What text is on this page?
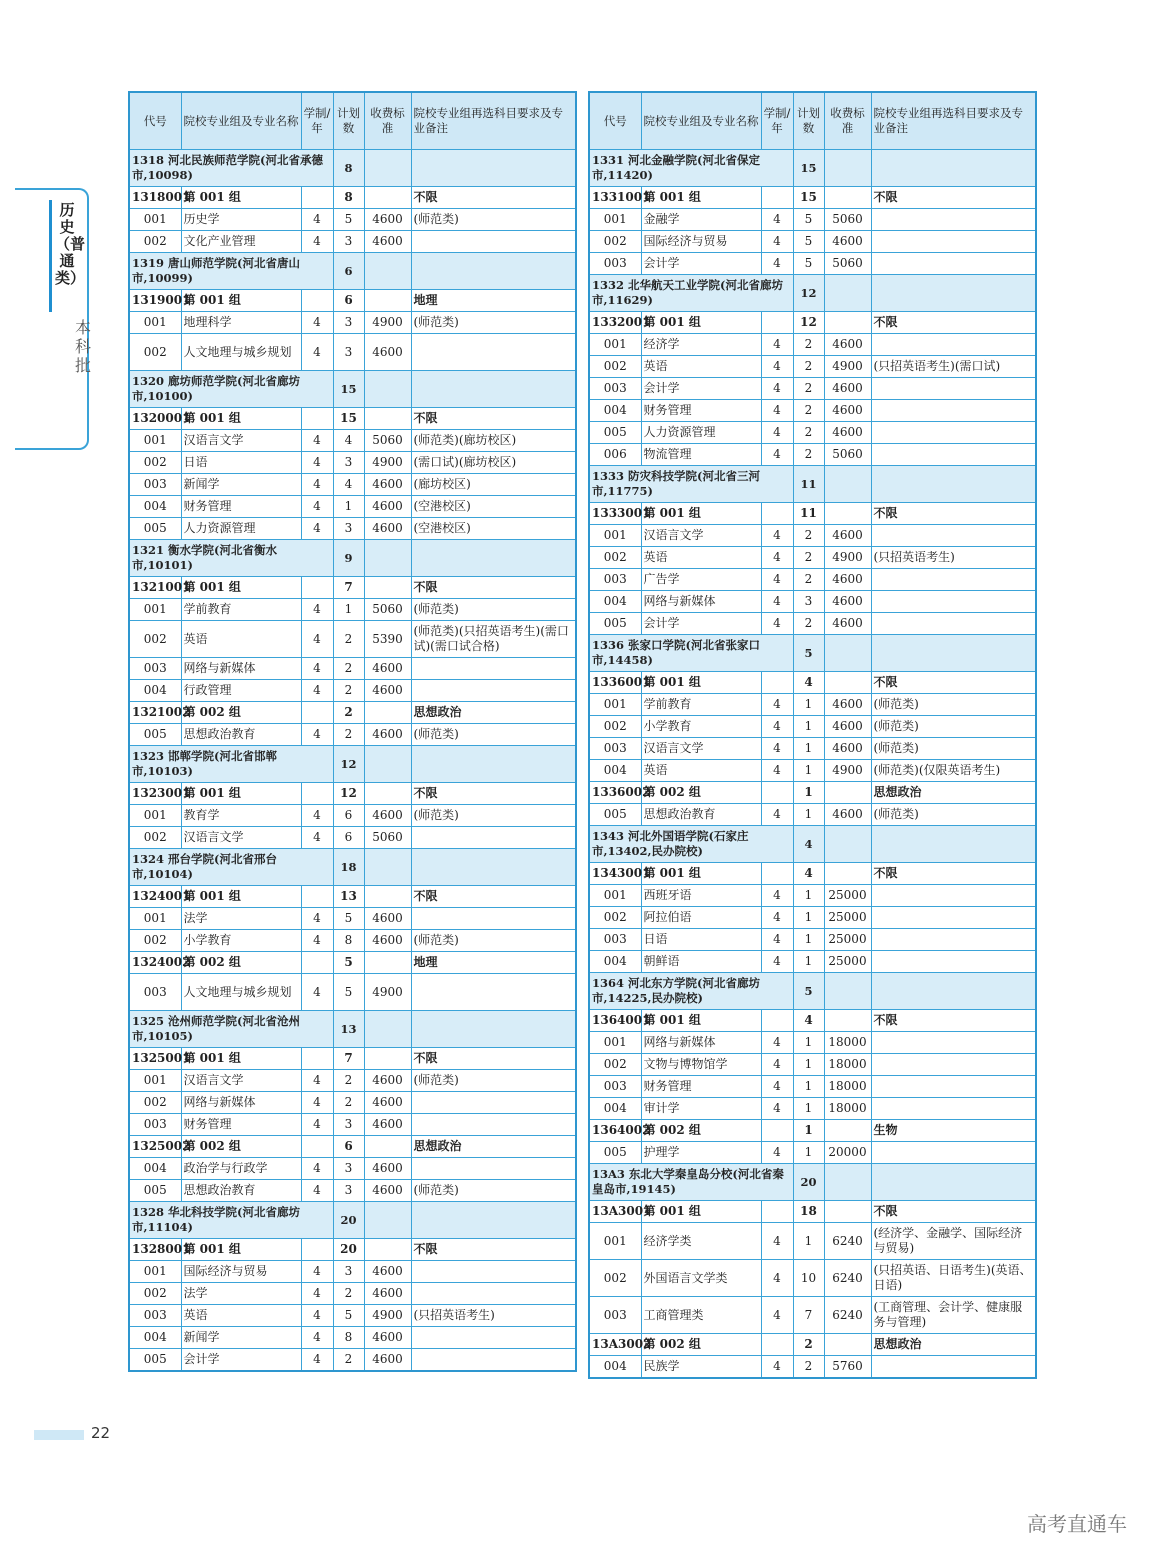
历史（普通类）
本科批
代号	院校专业组及专业名称	学制/年	计划数	收费标准	院校专业组再选科目要求及专业备注
1318 河北民族师范学院(河北省承德市,10098)			8		
1318001	第 001 组		8		不限
001	历史学	4	5	4600	(师范类)
002	文化产业管理	4	3	4600	
1319 唐山师范学院(河北省唐山市,10099)			6		
1319001	第 001 组		6		地理
001	地理科学	4	3	4900	(师范类)
002	人文地理与城乡规划	4	3	4600	
1320 廊坊师范学院(河北省廊坊市,10100)			15		
1320001	第 001 组		15		不限
001	汉语言文学	4	4	5060	(师范类)(廊坊校区)
002	日语	4	3	4900	(需口试)(廊坊校区)
003	新闻学	4	4	4600	(廊坊校区)
004	财务管理	4	1	4600	(空港校区)
005	人力资源管理	4	3	4600	(空港校区)
1321 衡水学院(河北省衡水市,10101)			9		
1321001	第 001 组		7		不限
001	学前教育	4	1	5060	(师范类)
002	英语	4	2	5390	(师范类)(只招英语考生)(需口试)(需口试合格)
003	网络与新媒体	4	2	4600	
004	行政管理	4	2	4600	
1321002	第 002 组		2		思想政治
005	思想政治教育	4	2	4600	(师范类)
1323 邯郸学院(河北省邯郸市,10103)			12		
1323001	第 001 组		12		不限
001	教育学	4	6	4600	(师范类)
002	汉语言文学	4	6	5060	
1324 邢台学院(河北省邢台市,10104)			18		
1324001	第 001 组		13		不限
001	法学	4	5	4600	
002	小学教育	4	8	4600	(师范类)
1324002	第 002 组		5		地理
003	人文地理与城乡规划	4	5	4900	
1325 沧州师范学院(河北省沧州市,10105)			13		
1325001	第 001 组		7		不限
001	汉语言文学	4	2	4600	(师范类)
002	网络与新媒体	4	2	4600	
003	财务管理	4	3	4600	
1325002	第 002 组		6		思想政治
004	政治学与行政学	4	3	4600	
005	思想政治教育	4	3	4600	(师范类)
1328 华北科技学院(河北省廊坊市,11104)			20		
1328001	第 001 组		20		不限
001	国际经济与贸易	4	3	4600	
002	法学	4	2	4600	
003	英语	4	5	4900	(只招英语考生)
004	新闻学	4	8	4600	
005	会计学	4	2	4600	
代号	院校专业组及专业名称	学制/年	计划数	收费标准	院校专业组再选科目要求及专业备注
1331 河北金融学院(河北省保定市,11420)			15		
1331001	第 001 组		15		不限
001	金融学	4	5	5060	
002	国际经济与贸易	4	5	4600	
003	会计学	4	5	5060	
1332 北华航天工业学院(河北省廊坊市,11629)			12		
1332001	第 001 组		12		不限
001	经济学	4	2	4600	
002	英语	4	2	4900	(只招英语考生)(需口试)
003	会计学	4	2	4600	
004	财务管理	4	2	4600	
005	人力资源管理	4	2	4600	
006	物流管理	4	2	5060	
1333 防灾科技学院(河北省三河市,11775)			11		
1333001	第 001 组		11		不限
001	汉语言文学	4	2	4600	
002	英语	4	2	4900	(只招英语考生)
003	广告学	4	2	4600	
004	网络与新媒体	4	3	4600	
005	会计学	4	2	4600	
1336 张家口学院(河北省张家口市,14458)			5		
1336001	第 001 组		4		不限
001	学前教育	4	1	4600	(师范类)
002	小学教育	4	1	4600	(师范类)
003	汉语言文学	4	1	4600	(师范类)
004	英语	4	1	4900	(师范类)(仅限英语考生)
1336002	第 002 组		1		思想政治
005	思想政治教育	4	1	4600	(师范类)
1343 河北外国语学院(石家庄市,13402,民办院校)			4		
1343001	第 001 组		4		不限
001	西班牙语	4	1	25000	
002	阿拉伯语	4	1	25000	
003	日语	4	1	25000	
004	朝鲜语	4	1	25000	
1364 河北东方学院(河北省廊坊市,14225,民办院校)			5		
1364001	第 001 组		4		不限
001	网络与新媒体	4	1	18000	
002	文物与博物馆学	4	1	18000	
003	财务管理	4	1	18000	
004	审计学	4	1	18000	
1364002	第 002 组		1		生物
005	护理学	4	1	20000	
13A3 东北大学秦皇岛分校(河北省秦皇岛市,19145)			20		
13A3001	第 001 组		18		不限
001	经济学类	4	1	6240	(经济学、金融学、国际经济与贸易)
002	外国语言文学类	4	10	6240	(只招英语、日语考生)(英语、日语)
003	工商管理类	4	7	6240	(工商管理、会计学、健康服务与管理)
13A3002	第 002 组		2		思想政治
004	民族学	4	2	5760	
22
高考直通车
